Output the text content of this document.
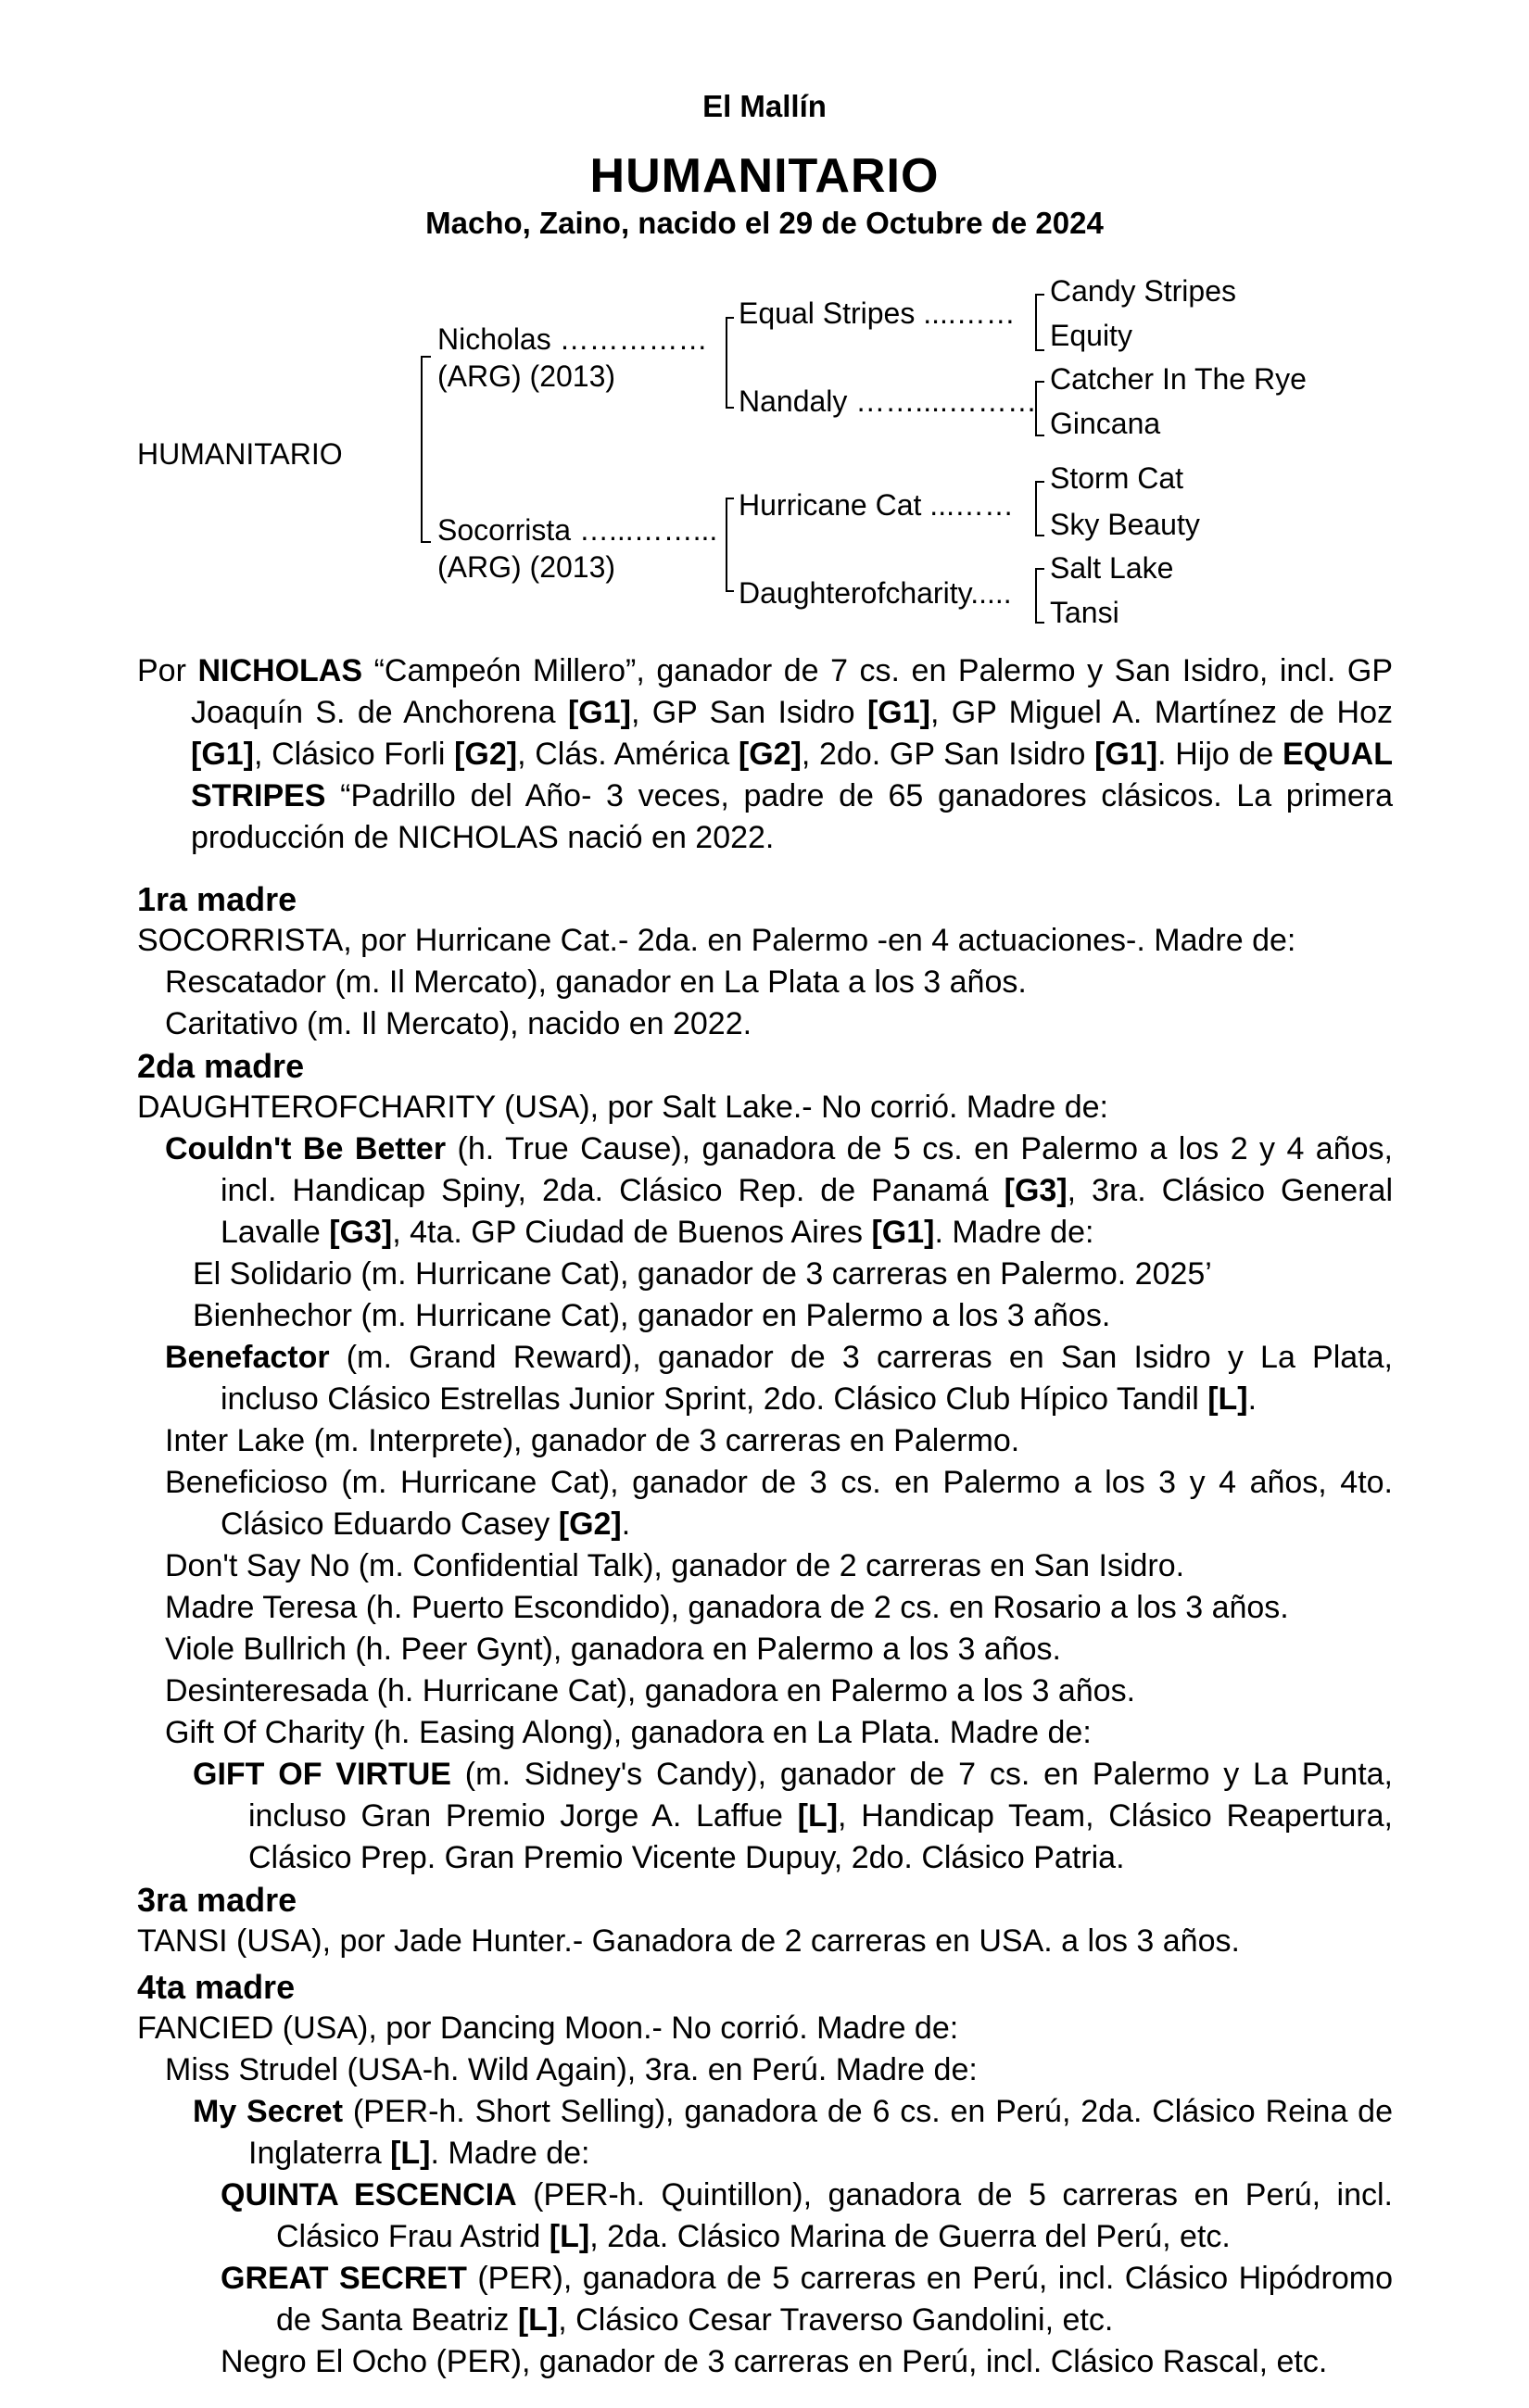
El Mallín
HUMANITARIO
Macho, Zaino, nacido el 29 de Octubre de 2024
HUMANITARIO
Nicholas ……………
(ARG) (2013)
Socorrista …...……...
(ARG) (2013)
Equal Stripes ....……
Nandaly ……....………
Hurricane Cat ...……
Daughterofcharity.....
Candy Stripes
Equity
Catcher In The Rye
Gincana
Storm Cat
Sky Beauty
Salt Lake
Tansi

Por NICHOLAS “Campeón Millero”, ganador de 7 cs. en Palermo y San Isidro, incl. GP Joaquín S. de Anchorena [G1], GP San Isidro [G1], GP Miguel A. Martínez de Hoz [G1], Clásico Forli [G2], Clás. América [G2], 2do. GP San Isidro [G1]. Hijo de EQUAL STRIPES “Padrillo del Año- 3 veces, padre de 65 ganadores clásicos. La primera producción de NICHOLAS nació en 2022.

1ra madre

SOCORRISTA, por Hurricane Cat.- 2da. en Palermo -en 4 actuaciones-. Madre de:

Rescatador (m. Il Mercato), ganador en La Plata a los 3 años.

Caritativo (m. Il Mercato), nacido en 2022.

2da madre

DAUGHTEROFCHARITY (USA), por Salt Lake.- No corrió. Madre de:

Couldn't Be Better (h. True Cause), ganadora de 5 cs. en Palermo a los 2 y 4 años, incl. Handicap Spiny, 2da. Clásico Rep. de Panamá [G3], 3ra. Clásico General Lavalle [G3], 4ta. GP Ciudad de Buenos Aires [G1]. Madre de:

El Solidario (m. Hurricane Cat), ganador de 3 carreras en Palermo. 2025’

Bienhechor (m. Hurricane Cat), ganador en Palermo a los 3 años.

Benefactor (m. Grand Reward), ganador de 3 carreras en San Isidro y La Plata, incluso Clásico Estrellas Junior Sprint, 2do. Clásico Club Hípico Tandil [L].

Inter Lake (m. Interprete), ganador de 3 carreras en Palermo.

Beneficioso (m. Hurricane Cat), ganador de 3 cs. en Palermo a los 3 y 4 años, 4to. Clásico Eduardo Casey [G2].

Don't Say No (m. Confidential Talk), ganador de 2 carreras en San Isidro.

Madre Teresa (h. Puerto Escondido), ganadora de 2 cs. en Rosario a los 3 años.

Viole Bullrich (h. Peer Gynt), ganadora en Palermo a los 3 años.

Desinteresada (h. Hurricane Cat), ganadora en Palermo a los 3 años.

Gift Of Charity (h. Easing Along), ganadora en La Plata. Madre de:

GIFT OF VIRTUE (m. Sidney's Candy), ganador de 7 cs. en Palermo y La Punta, incluso Gran Premio Jorge A. Laffue [L], Handicap Team, Clásico Reapertura, Clásico Prep. Gran Premio Vicente Dupuy, 2do. Clásico Patria.

3ra madre

TANSI (USA), por Jade Hunter.- Ganadora de 2 carreras en USA. a los 3 años.

4ta madre

FANCIED (USA), por Dancing Moon.- No corrió. Madre de:

Miss Strudel (USA-h. Wild Again), 3ra. en Perú. Madre de:

My Secret (PER-h. Short Selling), ganadora de 6 cs. en Perú, 2da. Clásico Reina de Inglaterra [L]. Madre de:

QUINTA ESCENCIA (PER-h. Quintillon), ganadora de 5 carreras en Perú, incl. Clásico Frau Astrid [L], 2da. Clásico Marina de Guerra del Perú, etc.

GREAT SECRET (PER), ganadora de 5 carreras en Perú, incl. Clásico Hipódromo de Santa Beatriz [L], Clásico Cesar Traverso Gandolini, etc.

Negro El Ocho (PER), ganador de 3 carreras en Perú, incl. Clásico Rascal, etc.
